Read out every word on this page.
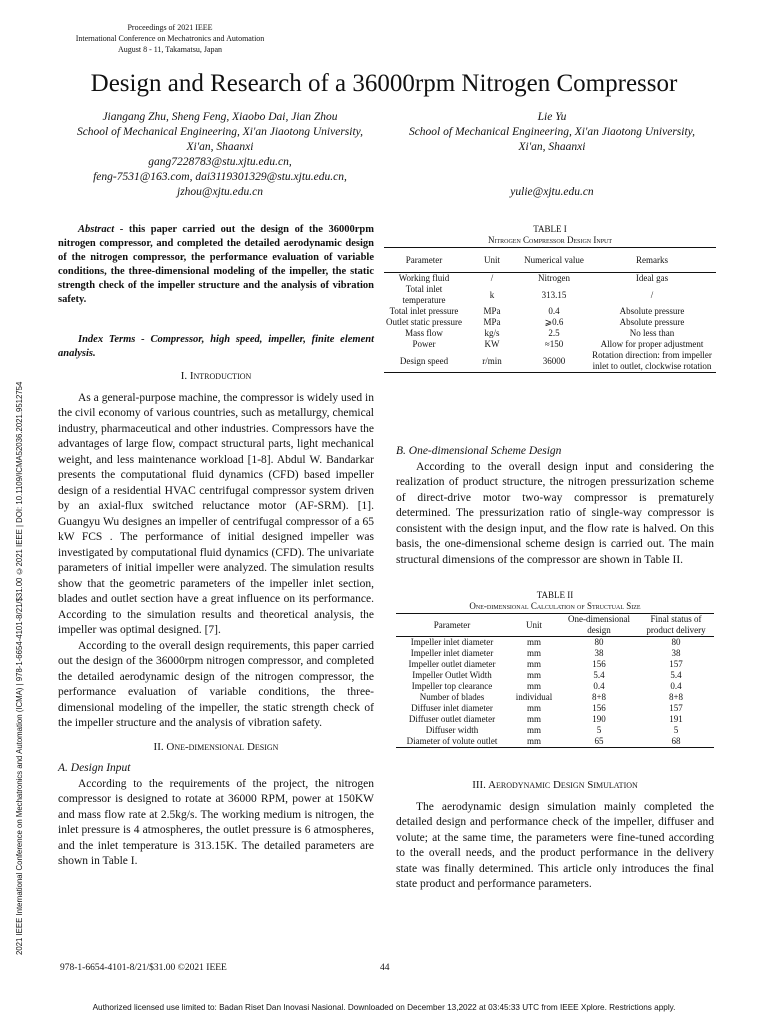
Proceedings of 2021 IEEE
International Conference on Mechatronics and Automation
August 8 - 11, Takamatsu, Japan
Design and Research of a 36000rpm Nitrogen Compressor
Jiangang Zhu, Sheng Feng, Xiaobo Dai, Jian Zhou
School of Mechanical Engineering, Xi'an Jiaotong University,
Xi'an, Shaanxi
gang7228783@stu.xjtu.edu.cn,
feng-7531@163.com, dai3119301329@stu.xjtu.edu.cn,
jzhou@xjtu.edu.cn
Lie Yu
School of Mechanical Engineering, Xi'an Jiaotong University,
Xi'an, Shaanxi
yulie@xjtu.edu.cn
2021 IEEE International Conference on Mechatronics and Automation (ICMA) | 978-1-6654-4101-8/21/$31.00 ©2021 IEEE | DOI: 10.1109/ICMA52036.2021.9512754

Abstract - this paper carried out the design of the 36000rpm nitrogen compressor, and completed the detailed aerodynamic design of the nitrogen compressor, the performance evaluation of variable conditions, the three-dimensional modeling of the impeller, the static strength check of the impeller structure and the analysis of vibration safety.

Index Terms - Compressor, high speed, impeller, finite element analysis.

I. Introduction

As a general-purpose machine, the compressor is widely used in the civil economy of various countries, such as metallurgy, chemical industry, pharmaceutical and other industries. Compressors have the advantages of large flow, compact structural parts, light mechanical weight, and less maintenance workload [1-8]. Abdul W. Bandarkar presents the computational fluid dynamics (CFD) based impeller design of a residential HVAC centrifugal compressor system driven by an axial-flux switched reluctance motor (AF-SRM). [1]. Guangyu Wu designes an impeller of centrifugal compressor of a 65 kW FCS . The performance of initial designed impeller was investigated by computational fluid dynamics (CFD). The univariate parameters of initial impeller were analyzed. The simulation results show that the geometric parameters of the impeller inlet section, blades and outlet section have a great influence on its performance. According to the simulation results and theoretical analysis, the impeller was optimal designed. [7].

According to the overall design requirements, this paper carried out the design of the 36000rpm nitrogen compressor, and completed the detailed aerodynamic design of the nitrogen compressor, the performance evaluation of variable conditions, the three-dimensional modeling of the impeller, the static strength check of the impeller structure and the analysis of vibration safety.

II. One-dimensional Design
A. Design Input

According to the requirements of the project, the nitrogen compressor is designed to rotate at 36000 RPM, power at 150KW and mass flow rate at 2.5kg/s. The working medium is nitrogen, the inlet pressure is 4 atmospheres, the outlet pressure is 6 atmospheres, and the inlet temperature is 313.15K. The detailed parameters are shown in Table I.

TABLE I
Nitrogen Compressor Design Input
Parameter	Unit	Numerical value	Remarks
Working fluid	/	Nitrogen	Ideal gas
Total inlet temperature	k	313.15	/
Total inlet pressure	MPa	0.4	Absolute pressure
Outlet static pressure	MPa	⩾0.6	Absolute pressure
Mass flow	kg/s	2.5	No less than
Power	KW	≈150	Allow for proper adjustment
Design speed	r/min	36000	Rotation direction: from impeller inlet to outlet, clockwise rotation
B. One-dimensional Scheme Design

According to the overall design input and considering the realization of product structure, the nitrogen pressurization scheme of direct-drive motor two-way compressor is prematurely determined. The pressurization ratio of single-way compressor is consistent with the design input, and the flow rate is halved. On this basis, the one-dimensional scheme design is carried out. The main structural dimensions of the compressor are shown in Table II.

TABLE II
One-dimensional Calculation of Structual Size
Parameter	Unit	One-dimensional design	Final status of product delivery
Impeller inlet diameter	mm	80	80
Impeller inlet diameter	mm	38	38
Impeller outlet diameter	mm	156	157
Impeller Outlet Width	mm	5.4	5.4
Impeller top clearance	mm	0.4	0.4
Number of blades	individual	8+8	8+8
Diffuser inlet diameter	mm	156	157
Diffuser outlet diameter	mm	190	191
Diffuser width	mm	5	5
Diameter of volute outlet	mm	65	68
III. Aerodynamic Design Simulation

The aerodynamic design simulation mainly completed the detailed design and performance check of the impeller, diffuser and volute; at the same time, the parameters were fine-tuned according to the overall needs, and the product performance in the delivery state was finally determined. This article only introduces the final state product and performance parameters.

978-1-6654-4101-8/21/$31.00 ©2021 IEEE	44
Authorized licensed use limited to: Badan Riset Dan Inovasi Nasional. Downloaded on December 13,2022 at 03:45:33 UTC from IEEE Xplore. Restrictions apply.
